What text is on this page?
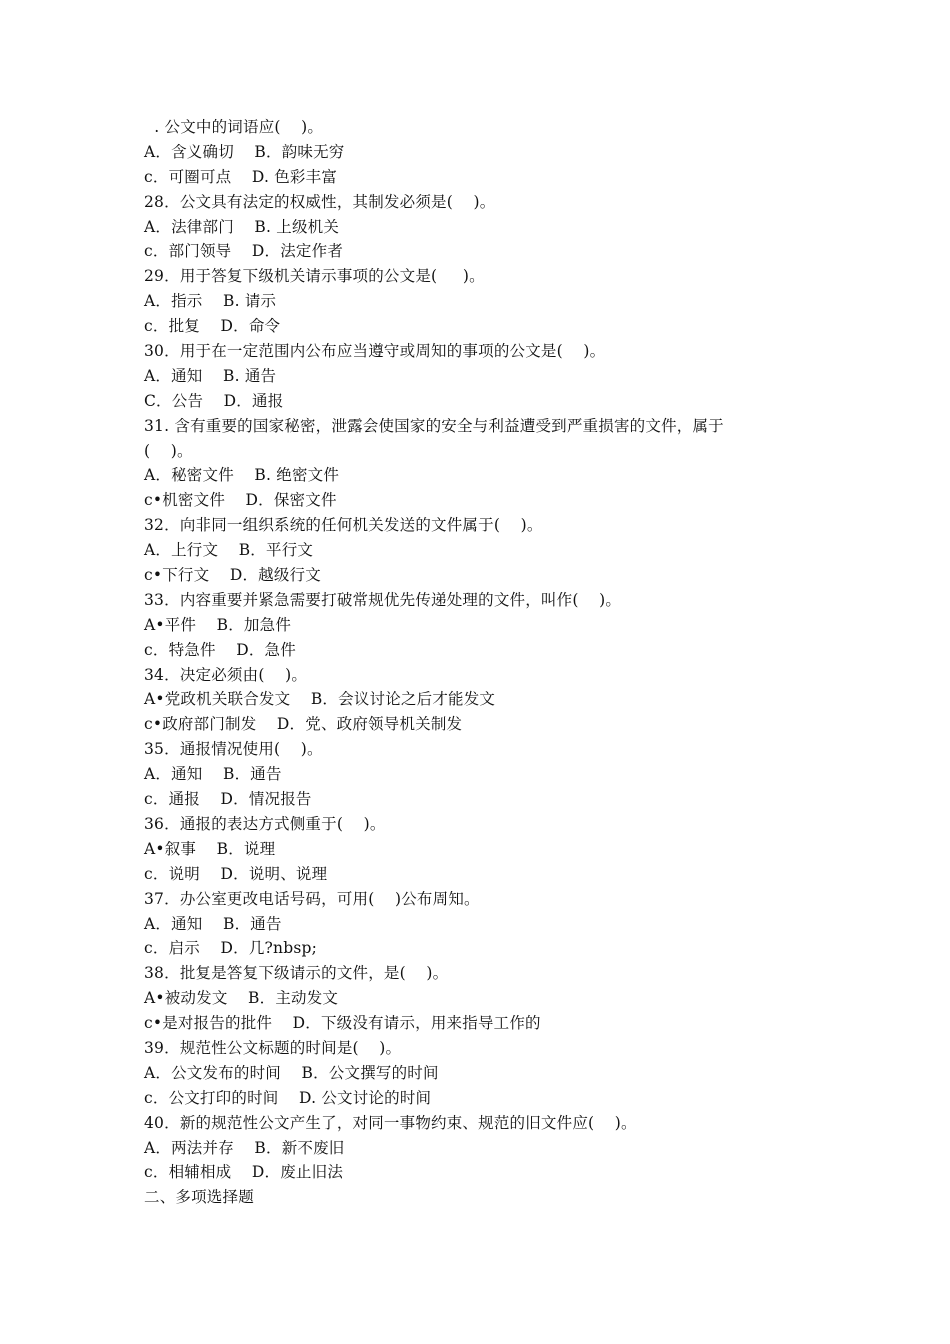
. 公文中的词语应(    )。
A．含义确切    B．韵味无穷
c．可圈可点    D. 色彩丰富
28．公文具有法定的权威性，其制发必须是(    )。
A．法律部门    B. 上级机关
c．部门领导    D．法定作者
29．用于答复下级机关请示事项的公文是(     )。
A．指示    B. 请示
c．批复    D．命令
30．用于在一定范围内公布应当遵守或周知的事项的公文是(    )。
A．通知    B. 通告
C．公告    D．通报
31. 含有重要的国家秘密，泄露会使国家的安全与利益遭受到严重损害的文件，属于
(    )。
A．秘密文件    B. 绝密文件
c•机密文件    D．保密文件
32．向非同一组织系统的任何机关发送的文件属于(    )。
A．上行文    B．平行文
c•下行文    D．越级行文
33．内容重要并紧急需要打破常规优先传递处理的文件，叫作(    )。
A•平件    B．加急件
c．特急件    D．急件
34．决定必须由(    )。
A•党政机关联合发文    B．会议讨论之后才能发文
c•政府部门制发    D．党、政府领导机关制发
35．通报情况使用(    )。
A．通知    B．通告
c．通报    D．情况报告
36．通报的表达方式侧重于(    )。
A•叙事    B．说理
c．说明    D．说明、说理
37．办公室更改电话号码，可用(    )公布周知。
A．通知    B．通告
c．启示    D．几?nbsp;
38．批复是答复下级请示的文件，是(    )。
A•被动发文    B．主动发文
c•是对报告的批件    D．下级没有请示，用来指导工作的
39．规范性公文标题的时间是(    )。
A．公文发布的时间    B．公文撰写的时间
c．公文打印的时间    D. 公文讨论的时间
40．新的规范性公文产生了，对同一事物约束、规范的旧文件应(    )。
A．两法并存    B．新不废旧
c．相辅相成    D．废止旧法
二、多项选择题
